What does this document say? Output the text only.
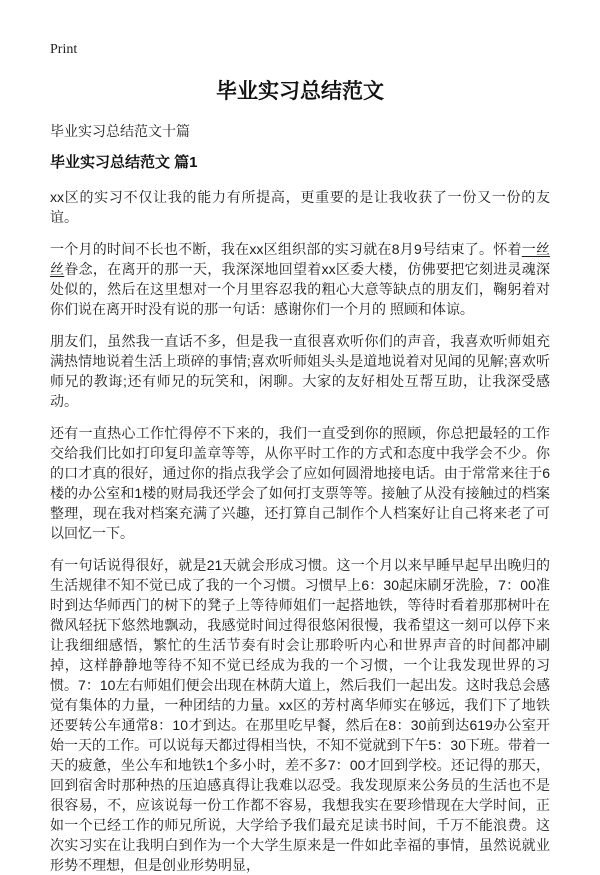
Print
毕业实习总结范文
毕业实习总结范文十篇
毕业实习总结范文 篇1

xx区的实习不仅让我的能力有所提高，更重要的是让我收获了一份又一份的友谊。

一个月的时间不长也不断，我在xx区组织部的实习就在8月9号结束了。怀着一丝丝眷念，在离开的那一天，我深深地回望着xx区委大楼，仿佛要把它刻进灵魂深处似的，然后在这里想对一个月里容忍我的粗心大意等缺点的朋友们，鞠躬着对你们说在离开时没有说的那一句话：感谢你们一个月的 照顾和体谅。

朋友们，虽然我一直话不多，但是我一直很喜欢听你们的声音，我喜欢听师姐充满热情地说着生活上琐碎的事情;喜欢听师姐头头是道地说着对见闻的见解;喜欢听师兄的教诲;还有师兄的玩笑和，闲聊。大家的友好相处互帮互助，让我深受感动。

还有一直热心工作忙得停不下来的，我们一直受到你的照顾，你总把最轻的工作交给我们比如打印复印盖章等等，从你平时工作的方式和态度中我学会不少。你的口才真的很好，通过你的指点我学会了应如何圆滑地接电话。由于常常来往于6楼的办公室和1楼的财局我还学会了如何打支票等等。接触了从没有接触过的档案整理，现在我对档案充满了兴趣，还打算自己制作个人档案好让自己将来老了可以回忆一下。

有一句话说得很好，就是21天就会形成习惯。这一个月以来早睡早起早出晚归的生活规律不知不觉已成了我的一个习惯。习惯早上6：30起床刷牙洗脸，7：00准时到达华师西门的树下的凳子上等待师姐们一起搭地铁，等待时看着那那树叶在微风轻抚下悠然地飘动，我感觉时间过得很悠闲很慢，我希望这一刻可以停下来让我细细感悟，繁忙的生活节奏有时会让那聆听内心和世界声音的时间都冲刷掉，这样静静地等待不知不觉已经成为我的一个习惯，一个让我发现世界的习惯。7：10左右师姐们便会出现在林荫大道上，然后我们一起出发。这时我总会感觉有集体的力量，一种团结的力量。xx区的芳村离华师实在够远，我们下了地铁还要转公车通常8：10才到达。在那里吃早餐，然后在8：30前到达619办公室开始一天的工作。可以说每天都过得相当快，不知不觉就到下午5：30下班。带着一天的疲惫，坐公车和地铁1个多小时，差不多7：00才回到学校。还记得的那天，回到宿舍时那种热的压迫感真得让我难以忍受。我发现原来公务员的生活也不是很容易，不，应该说每一份工作都不容易，我想我实在要珍惜现在大学时间，正如一个已经工作的师兄所说，大学给予我们最充足读书时间，千万不能浪费。这次实习实在让我明白到作为一个大学生原来是一件如此幸福的事情，虽然说就业形势不理想，但是创业形势明显，
